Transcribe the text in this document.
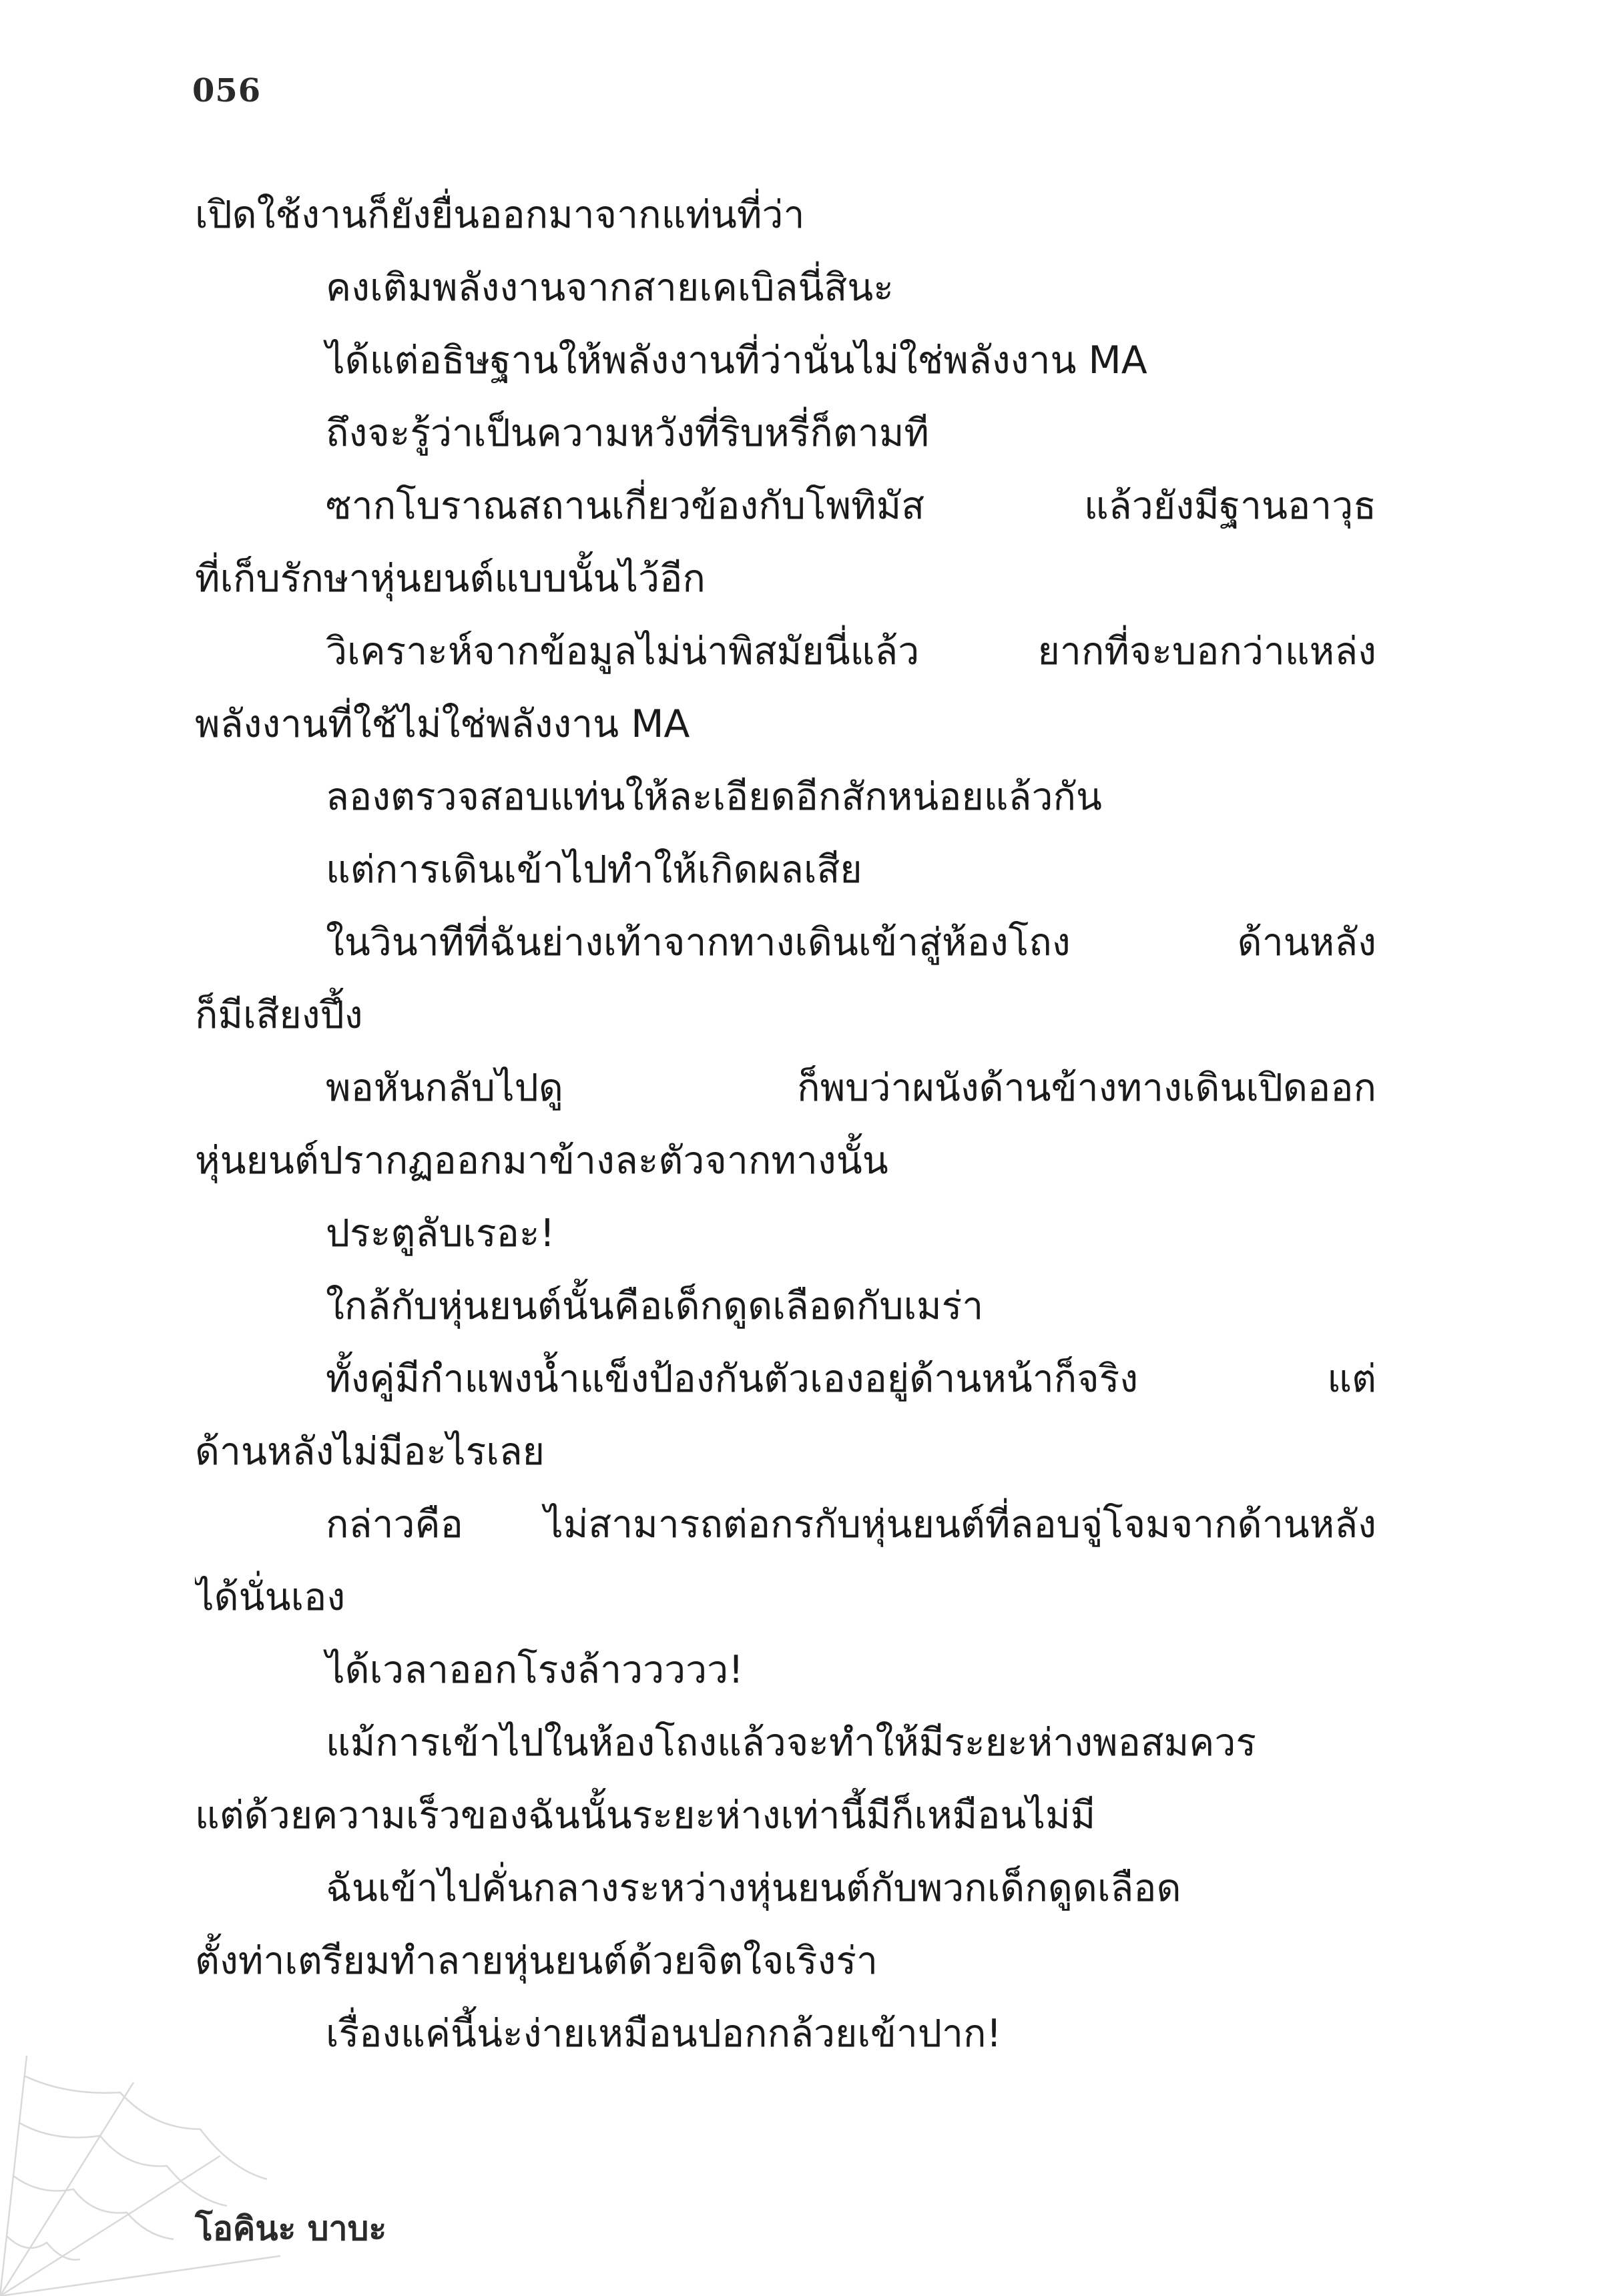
056
เปิดใช้งานก็ยังยื่นออกมาจากแท่นที่ว่า
คงเติมพลังงานจากสายเคเบิลนี่สินะ
ได้แต่อธิษฐานให้พลังงานที่ว่านั่นไม่ใช่พลังงาน MA
ถึงจะรู้ว่าเป็นความหวังที่ริบหรี่ก็ตามที
ซากโบราณสถานเกี่ยวข้องกับโพทิมัส แล้วยังมีฐานอาวุธ
ที่เก็บรักษาหุ่นยนต์แบบนั้นไว้อีก
วิเคราะห์จากข้อมูลไม่น่าพิสมัยนี่แล้ว ยากที่จะบอกว่าแหล่ง
พลังงานที่ใช้ไม่ใช่พลังงาน MA
ลองตรวจสอบแท่นให้ละเอียดอีกสักหน่อยแล้วกัน
แต่การเดินเข้าไปทำให้เกิดผลเสีย
ในวินาทีที่ฉันย่างเท้าจากทางเดินเข้าสู่ห้องโถง ด้านหลัง
ก็มีเสียงปึ้ง
พอหันกลับไปดู ก็พบว่าผนังด้านข้างทางเดินเปิดออก
หุ่นยนต์ปรากฏออกมาข้างละตัวจากทางนั้น
ประตูลับเรอะ!
ใกล้กับหุ่นยนต์นั้นคือเด็กดูดเลือดกับเมร่า
ทั้งคู่มีกำแพงน้ำแข็งป้องกันตัวเองอยู่ด้านหน้าก็จริง แต่
ด้านหลังไม่มีอะไรเลย
กล่าวคือ ไม่สามารถต่อกรกับหุ่นยนต์ที่ลอบจู่โจมจากด้านหลัง
ได้นั่นเอง
ได้เวลาออกโรงล้าววววว!
แม้การเข้าไปในห้องโถงแล้วจะทำให้มีระยะห่างพอสมควร
แต่ด้วยความเร็วของฉันนั้นระยะห่างเท่านี้มีก็เหมือนไม่มี
ฉันเข้าไปคั่นกลางระหว่างหุ่นยนต์กับพวกเด็กดูดเลือด
ตั้งท่าเตรียมทำลายหุ่นยนต์ด้วยจิตใจเริงร่า
เรื่องแค่นี้น่ะง่ายเหมือนปอกกล้วยเข้าปาก!
โอคินะ บาบะ
